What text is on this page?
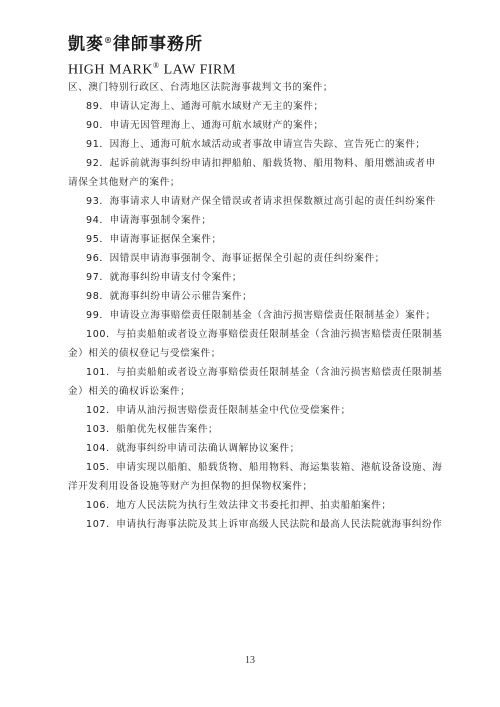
凱麥®律師事務所
HIGH MARK® LAW FIRM
区、澳门特别行政区、台湾地区法院海事裁判文书的案件；
89．申请认定海上、通海可航水域财产无主的案件；
90．申请无因管理海上、通海可航水域财产的案件；
91．因海上、通海可航水域活动或者事故申请宣告失踪、宣告死亡的案件；
92．起诉前就海事纠纷申请扣押船舶、船载货物、船用物料、船用燃油或者申
请保全其他财产的案件；
93．海事请求人申请财产保全错误或者请求担保数额过高引起的责任纠纷案件
94．申请海事强制令案件；
95．申请海事证据保全案件；
96．因错误申请海事强制令、海事证据保全引起的责任纠纷案件；
97．就海事纠纷申请支付令案件；
98．就海事纠纷申请公示催告案件；
99．申请设立海事赔偿责任限制基金（含油污损害赔偿责任限制基金）案件；
100．与拍卖船舶或者设立海事赔偿责任限制基金（含油污损害赔偿责任限制基
金）相关的债权登记与受偿案件；
101．与拍卖船舶或者设立海事赔偿责任限制基金（含油污损害赔偿责任限制基
金）相关的确权诉讼案件；
102．申请从油污损害赔偿责任限制基金中代位受偿案件；
103．船舶优先权催告案件；
104．就海事纠纷申请司法确认调解协议案件；
105．申请实现以船舶、船载货物、船用物料、海运集装箱、港航设备设施、海
洋开发利用设备设施等财产为担保物的担保物权案件；
106．地方人民法院为执行生效法律文书委托扣押、拍卖船舶案件；
107．申请执行海事法院及其上诉审高级人民法院和最高人民法院就海事纠纷作
13
